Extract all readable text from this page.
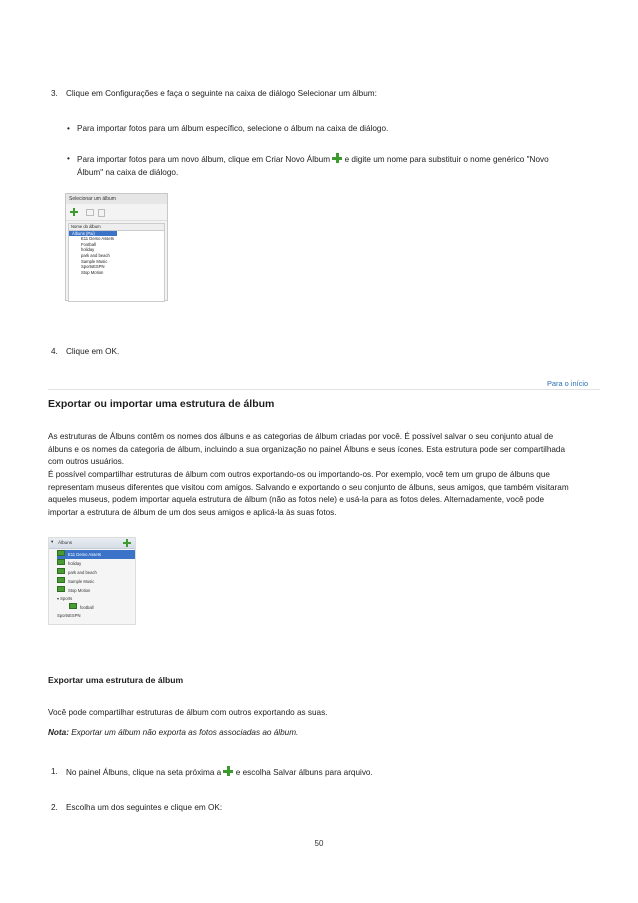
3. Clique em Configurações e faça o seguinte na caixa de diálogo Selecionar um álbum:
• Para importar fotos para um álbum específico, selecione o álbum na caixa de diálogo.
• Para importar fotos para um novo álbum, clique em Criar Novo Álbum e digite um nome para substituir o nome genérico "Novo
Álbum" na caixa de diálogo.
Selecionar um álbum
Nome do álbum
Álbuns (Pai)
E11 Demo Assets
Football
holiday
park and beach
Sample Music
SportsESPN
Stop Motion
4. Clique em OK.
Para o início
Exportar ou importar uma estrutura de álbum
As estruturas de Álbuns contêm os nomes dos álbuns e as categorias de álbum criadas por você. É possível salvar o seu conjunto atual de
álbuns e os nomes da categoria de álbum, incluindo a sua organização no painel Álbuns e seus ícones. Esta estrutura pode ser compartilhada
com outros usuários.
É possível compartilhar estruturas de álbum com outros exportando-os ou importando-os. Por exemplo, você tem um grupo de álbuns que
representam museus diferentes que visitou com amigos. Salvando e exportando o seu conjunto de álbuns, seus amigos, que também visitaram
aqueles museus, podem importar aquela estrutura de álbum (não as fotos nele) e usá-la para as fotos deles. Alternadamente, você pode
importar a estrutura de álbum de um dos seus amigos e aplicá-la às suas fotos.
▾ Álbuns
E11 Demo Assets
holiday
park and beach
Sample Music
Stop Motion
▾ Sports
football
SportsESPN
Exportar uma estrutura de álbum
Você pode compartilhar estruturas de álbum com outros exportando as suas.
Nota: Exportar um álbum não exporta as fotos associadas ao álbum.
1. No painel Álbuns, clique na seta próxima a e escolha Salvar álbuns para arquivo.
2. Escolha um dos seguintes e clique em OK:
50
